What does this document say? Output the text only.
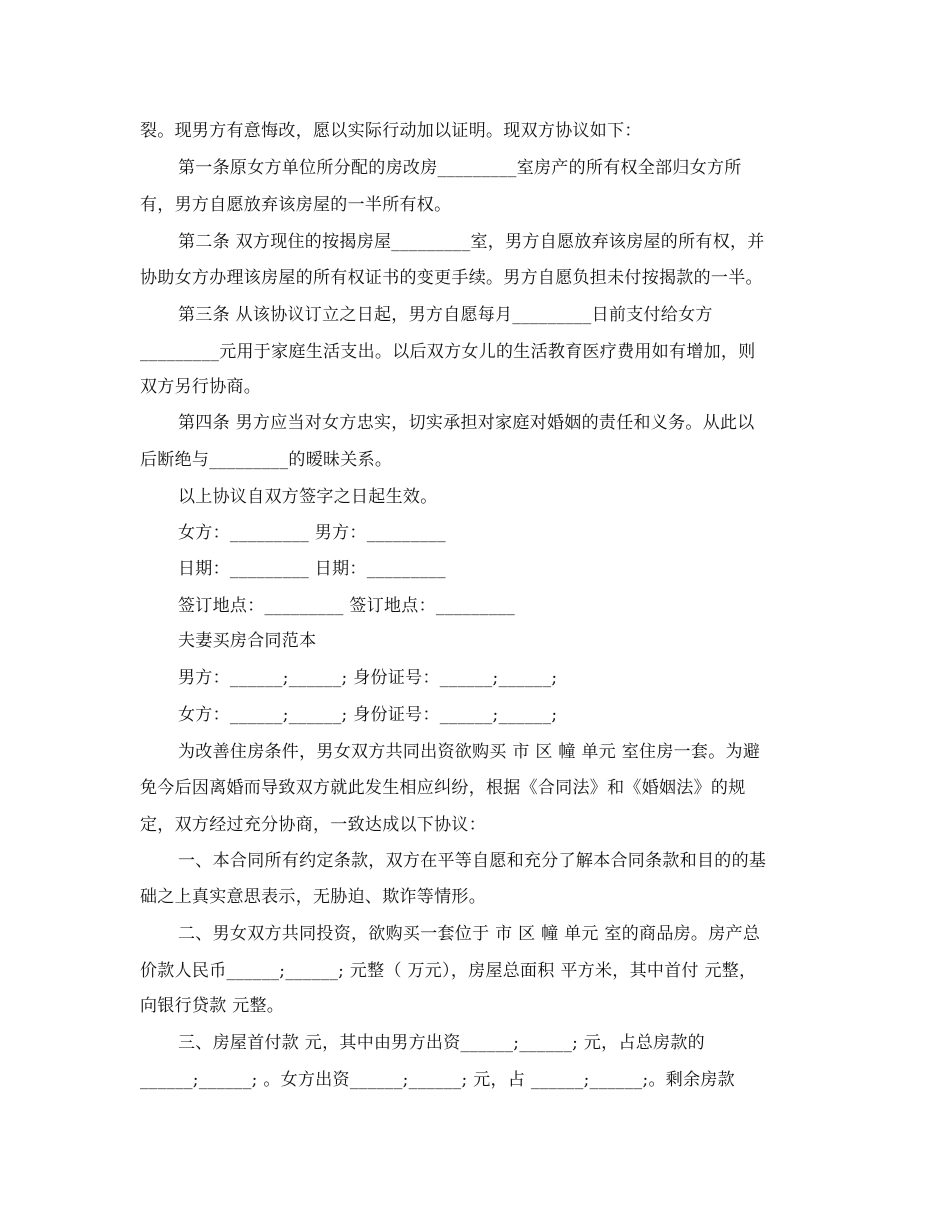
裂。现男方有意悔改，愿以实际行动加以证明。现双方协议如下：
第一条原女方单位所分配的房改房_________室房产的所有权全部归女方所
有，男方自愿放弃该房屋的一半所有权。
第二条 双方现住的按揭房屋_________室，男方自愿放弃该房屋的所有权，并
协助女方办理该房屋的所有权证书的变更手续。男方自愿负担未付按揭款的一半。
第三条 从该协议订立之日起，男方自愿每月_________日前支付给女方
_________元用于家庭生活支出。以后双方女儿的生活教育医疗费用如有增加，则
双方另行协商。
第四条 男方应当对女方忠实，切实承担对家庭对婚姻的责任和义务。从此以
后断绝与_________的暧昧关系。
以上协议自双方签字之日起生效。
女方：_________ 男方：_________
日期：_________ 日期：_________
签订地点：_________ 签订地点：_________
夫妻买房合同范本
男方：______;______; 身份证号：______;______;
女方：______;______; 身份证号：______;______;
为改善住房条件，男女双方共同出资欲购买 市 区 幢 单元 室住房一套。为避
免今后因离婚而导致双方就此发生相应纠纷，根据《合同法》和《婚姻法》的规
定，双方经过充分协商，一致达成以下协议：
一、本合同所有约定条款，双方在平等自愿和充分了解本合同条款和目的的基
础之上真实意思表示，无胁迫、欺诈等情形。
二、男女双方共同投资，欲购买一套位于 市 区 幢 单元 室的商品房。房产总
价款人民币______;______; 元整（ 万元），房屋总面积 平方米，其中首付 元整，
向银行贷款 元整。
三、房屋首付款 元，其中由男方出资______;______; 元，占总房款的
______;______; 。女方出资______;______; 元，占 ______;______;。剩余房款
